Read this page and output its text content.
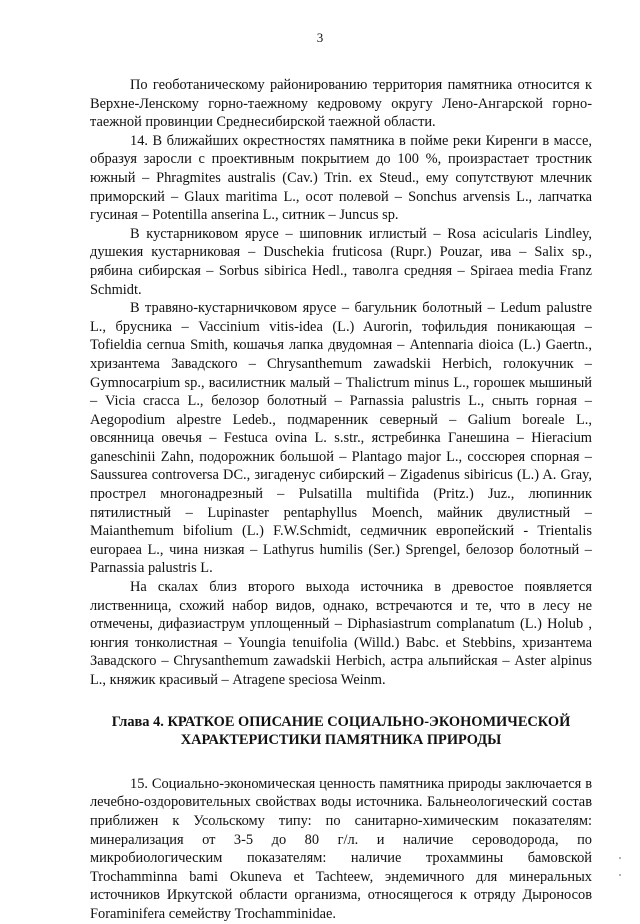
3

По геоботаническому районированию территория памятника относится к Верхне-Ленскому горно-таежному кедровому округу Лено-Ангарской горно-таежной провинции Среднесибирской таежной области.

14. В ближайших окрестностях памятника в пойме реки Киренги в массе, образуя заросли с проективным покрытием до 100 %, произрастает тростник южный – Phragmites australis (Cav.) Trin. ex Steud., ему сопутствуют млечник приморский – Glaux maritima L., осот полевой – Sonchus arvensis L., лапчатка гусиная – Potentilla anserina L., ситник – Juncus sp.

В кустарниковом ярусе – шиповник иглистый – Rosa acicularis Lindley, душекия кустарниковая – Duschekia fruticosa (Rupr.) Pouzar, ива – Salix sp., рябина сибирская – Sorbus sibirica Hedl., таволга средняя – Spiraea media Franz Schmidt.

В травяно-кустарничковом ярусе – багульник болотный – Ledum palustre L., брусника – Vaccinium vitis-idea (L.) Aurorin, тофильдия поникающая – Tofieldia cernua Smith, кошачья лапка двудомная – Antennaria dioica (L.) Gaertn., хризантема Завадского – Chrysanthemum zawadskii Herbich, голокучник – Gymnocarpium sp., василистник малый – Thalictrum minus L., горошек мышиный – Vicia cracca L., белозор болотный – Parnassia palustris L., сныть горная – Aegopodium alpestre Ledeb., подмаренник северный – Galium boreale L., овсянница овечья – Festuca ovina L. s.str., ястребинка Ганешина – Hieracium ganeschinii Zahn, подорожник большой – Plantago major L., соссюрея спорная – Saussurea controversa DC., зигаденус сибирский – Zigadenus sibiricus (L.) A. Gray, прострел многонадрезный – Pulsatilla multifida (Pritz.) Juz., люпинник пятилистный – Lupinaster pentaphyllus Moench, майник двулистный – Maianthemum bifolium (L.) F.W.Schmidt, седмичник европейский - Trientalis europaea L., чина низкая – Lathyrus humilis (Ser.) Sprengel, белозор болотный – Parnassia palustris L.

На скалах близ второго выхода источника в древостое появляется лиственница, схожий набор видов, однако, встречаются и те, что в лесу не отмечены, дифазиаструм уплощенный – Diphasiastrum complanatum (L.) Holub , юнгия тонколистная – Youngia tenuifolia (Willd.) Babc. et Stebbins, хризантема Завадского – Chrysanthemum zawadskii Herbich, астра альпийская – Aster alpinus L., княжик красивый – Atragene speciosa Weinm.

Глава 4. КРАТКОЕ ОПИСАНИЕ СОЦИАЛЬНО-ЭКОНОМИЧЕСКОЙ
ХАРАКТЕРИСТИКИ ПАМЯТНИКА ПРИРОДЫ

15. Социально-экономическая ценность памятника природы заключается в лечебно-оздоровительных свойствах воды источника. Бальнеологический состав приближен к Усольскому типу: по санитарно-химическим показателям: минерализация от 3-5 до 80 г/л. и наличие сероводорода, по микробиологическим показателям: наличие трохаммины бамовской Trochamminna bami Okuneva et Tachteew, эндемичного для минеральных источников Иркутской области организма, относящегося к отряду Дыроносов Foraminifera семейству Trochamminidae.
